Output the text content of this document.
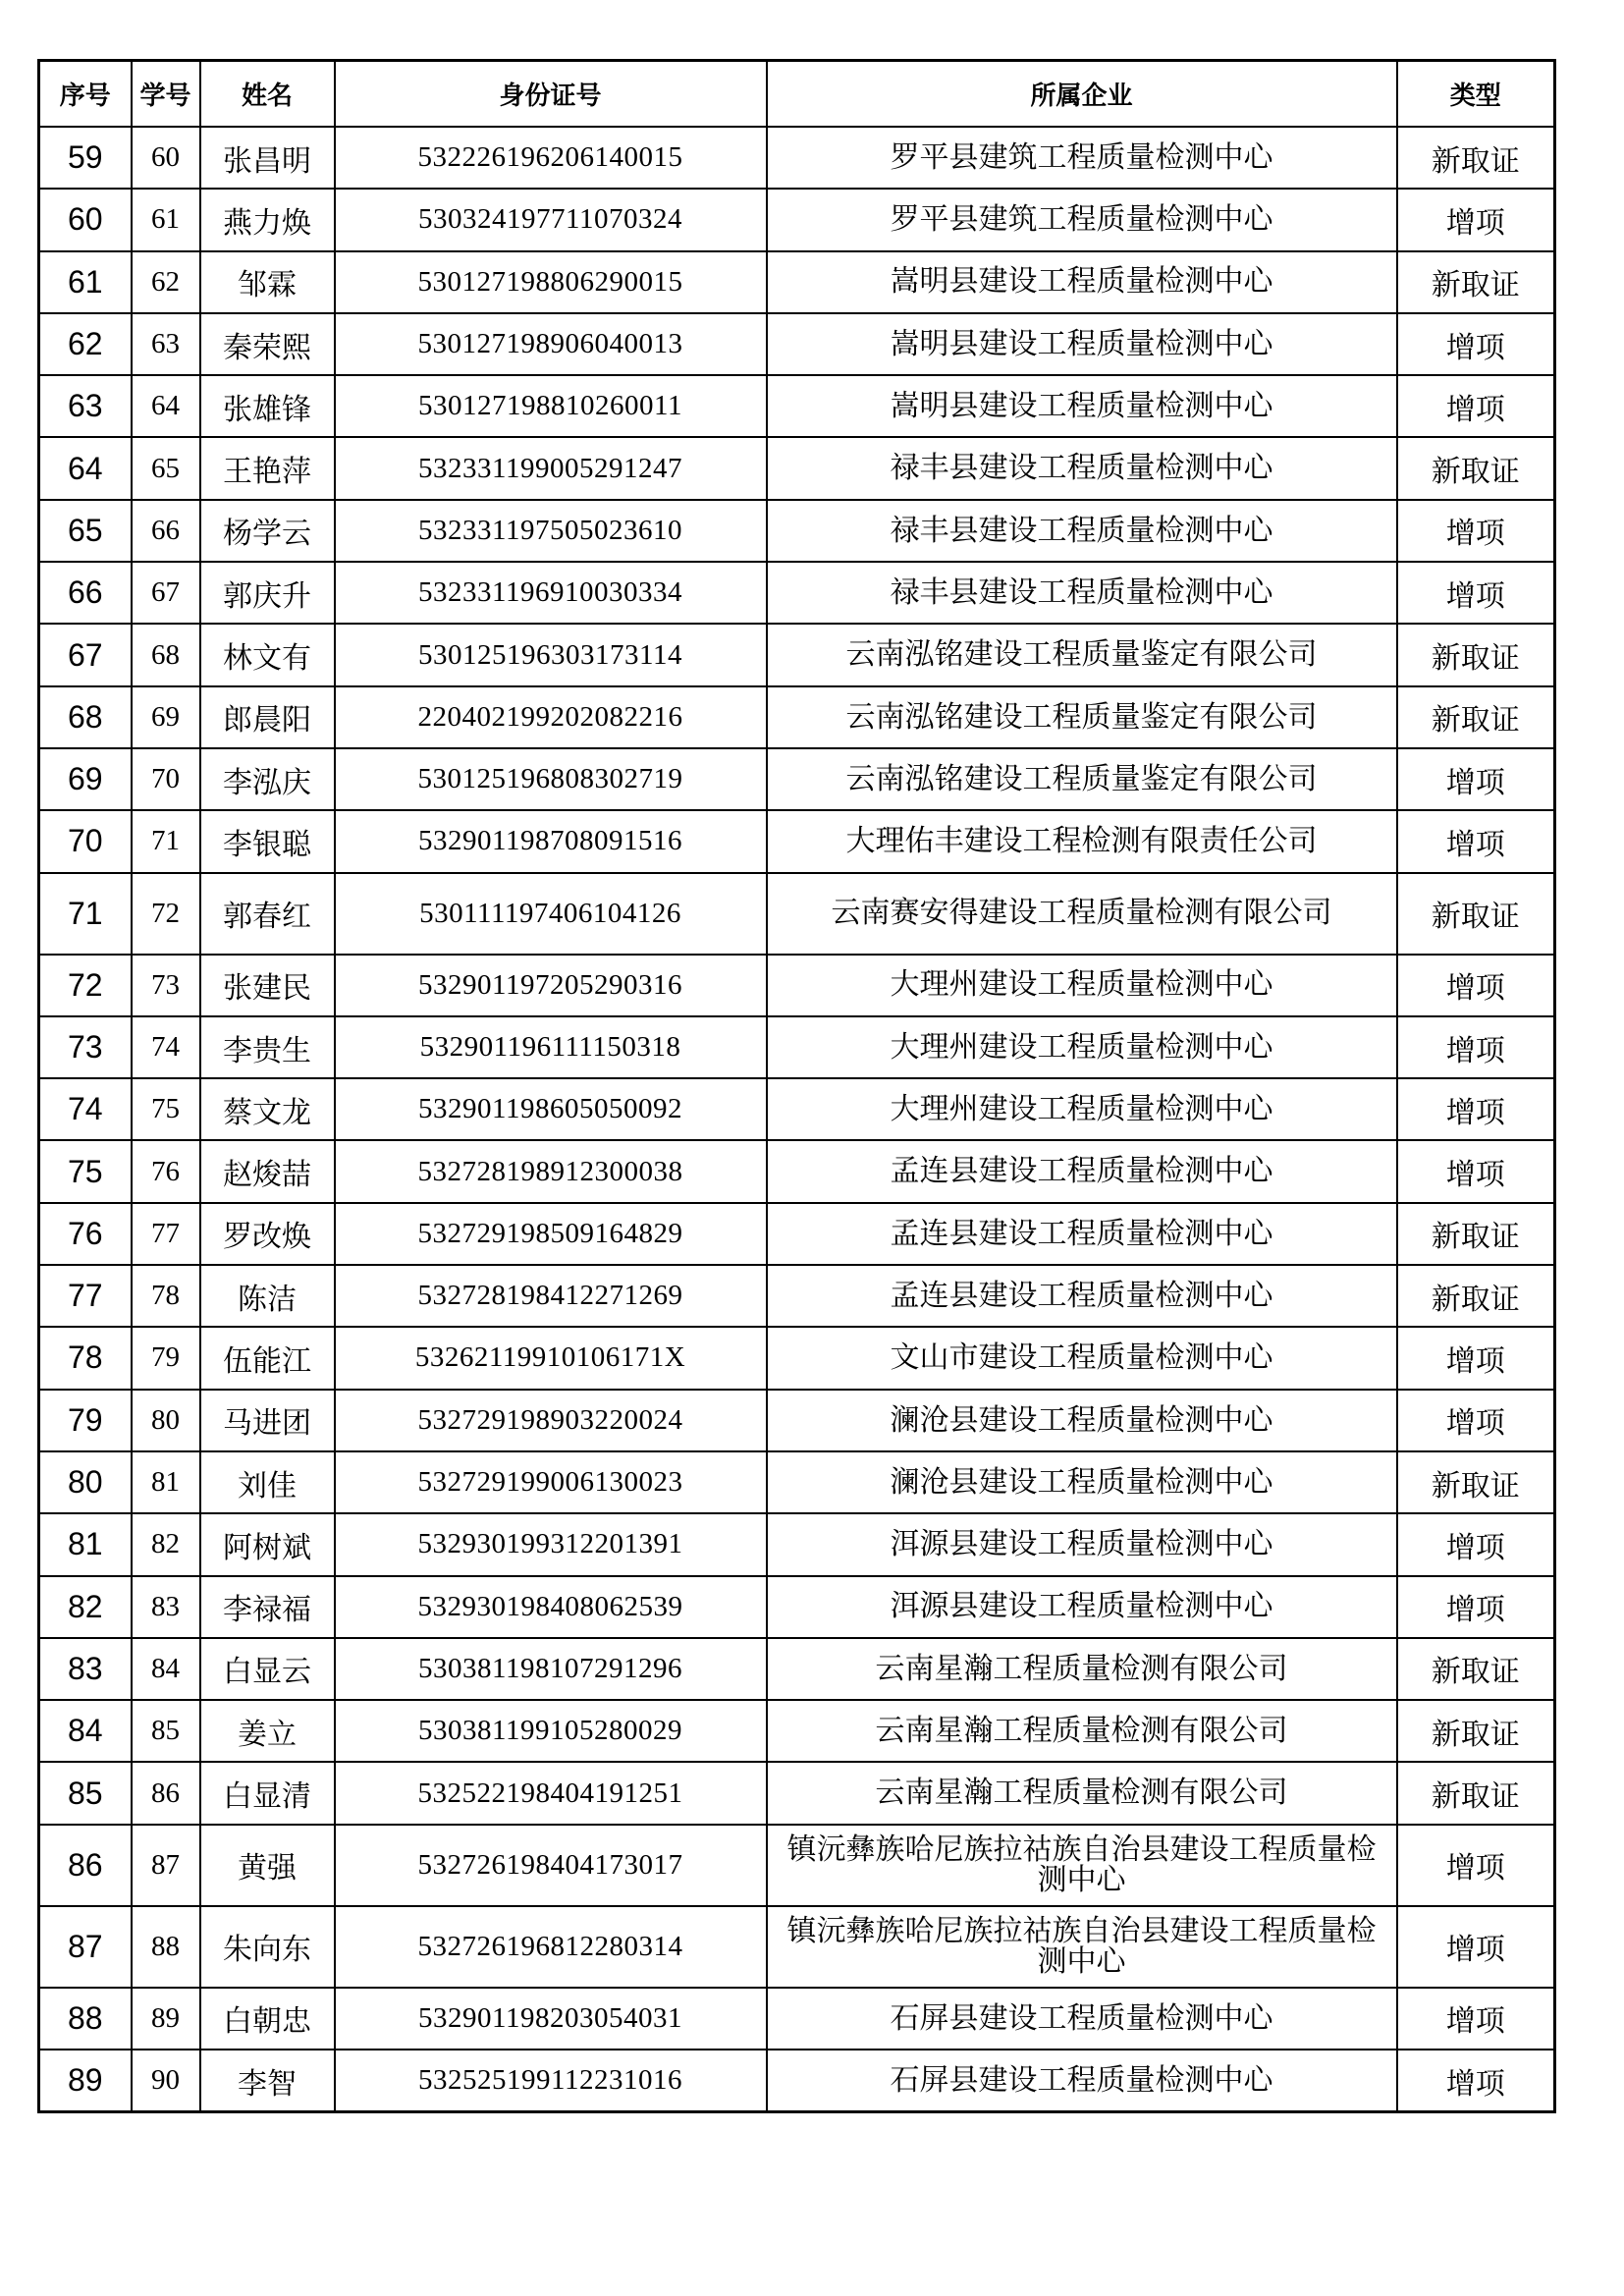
序号	学号	姓名	身份证号	所属企业	类型
59	60	张昌明	532226196206140015	罗平县建筑工程质量检测中心	新取证
60	61	燕力焕	530324197711070324	罗平县建筑工程质量检测中心	增项
61	62	邹霖	530127198806290015	嵩明县建设工程质量检测中心	新取证
62	63	秦荣熙	530127198906040013	嵩明县建设工程质量检测中心	增项
63	64	张雄锋	530127198810260011	嵩明县建设工程质量检测中心	增项
64	65	王艳萍	532331199005291247	禄丰县建设工程质量检测中心	新取证
65	66	杨学云	532331197505023610	禄丰县建设工程质量检测中心	增项
66	67	郭庆升	532331196910030334	禄丰县建设工程质量检测中心	增项
67	68	林文有	530125196303173114	云南泓铭建设工程质量鉴定有限公司	新取证
68	69	郎晨阳	220402199202082216	云南泓铭建设工程质量鉴定有限公司	新取证
69	70	李泓庆	530125196808302719	云南泓铭建设工程质量鉴定有限公司	增项
70	71	李银聪	532901198708091516	大理佑丰建设工程检测有限责任公司	增项
71	72	郭春红	530111197406104126	云南赛安得建设工程质量检测有限公司	新取证
72	73	张建民	532901197205290316	大理州建设工程质量检测中心	增项
73	74	李贵生	532901196111150318	大理州建设工程质量检测中心	增项
74	75	蔡文龙	532901198605050092	大理州建设工程质量检测中心	增项
75	76	赵焌喆	532728198912300038	孟连县建设工程质量检测中心	增项
76	77	罗改焕	532729198509164829	孟连县建设工程质量检测中心	新取证
77	78	陈洁	532728198412271269	孟连县建设工程质量检测中心	新取证
78	79	伍能江	53262119910106171X	文山市建设工程质量检测中心	增项
79	80	马进团	532729198903220024	澜沧县建设工程质量检测中心	增项
80	81	刘佳	532729199006130023	澜沧县建设工程质量检测中心	新取证
81	82	阿树斌	532930199312201391	洱源县建设工程质量检测中心	增项
82	83	李禄福	532930198408062539	洱源县建设工程质量检测中心	增项
83	84	白显云	530381198107291296	云南星瀚工程质量检测有限公司	新取证
84	85	姜立	530381199105280029	云南星瀚工程质量检测有限公司	新取证
85	86	白显清	532522198404191251	云南星瀚工程质量检测有限公司	新取证
86	87	黄强	532726198404173017	镇沅彝族哈尼族拉祜族自治县建设工程质量检测中心	增项
87	88	朱向东	532726196812280314	镇沅彝族哈尼族拉祜族自治县建设工程质量检测中心	增项
88	89	白朝忠	532901198203054031	石屏县建设工程质量检测中心	增项
89	90	李智	532525199112231016	石屏县建设工程质量检测中心	增项
